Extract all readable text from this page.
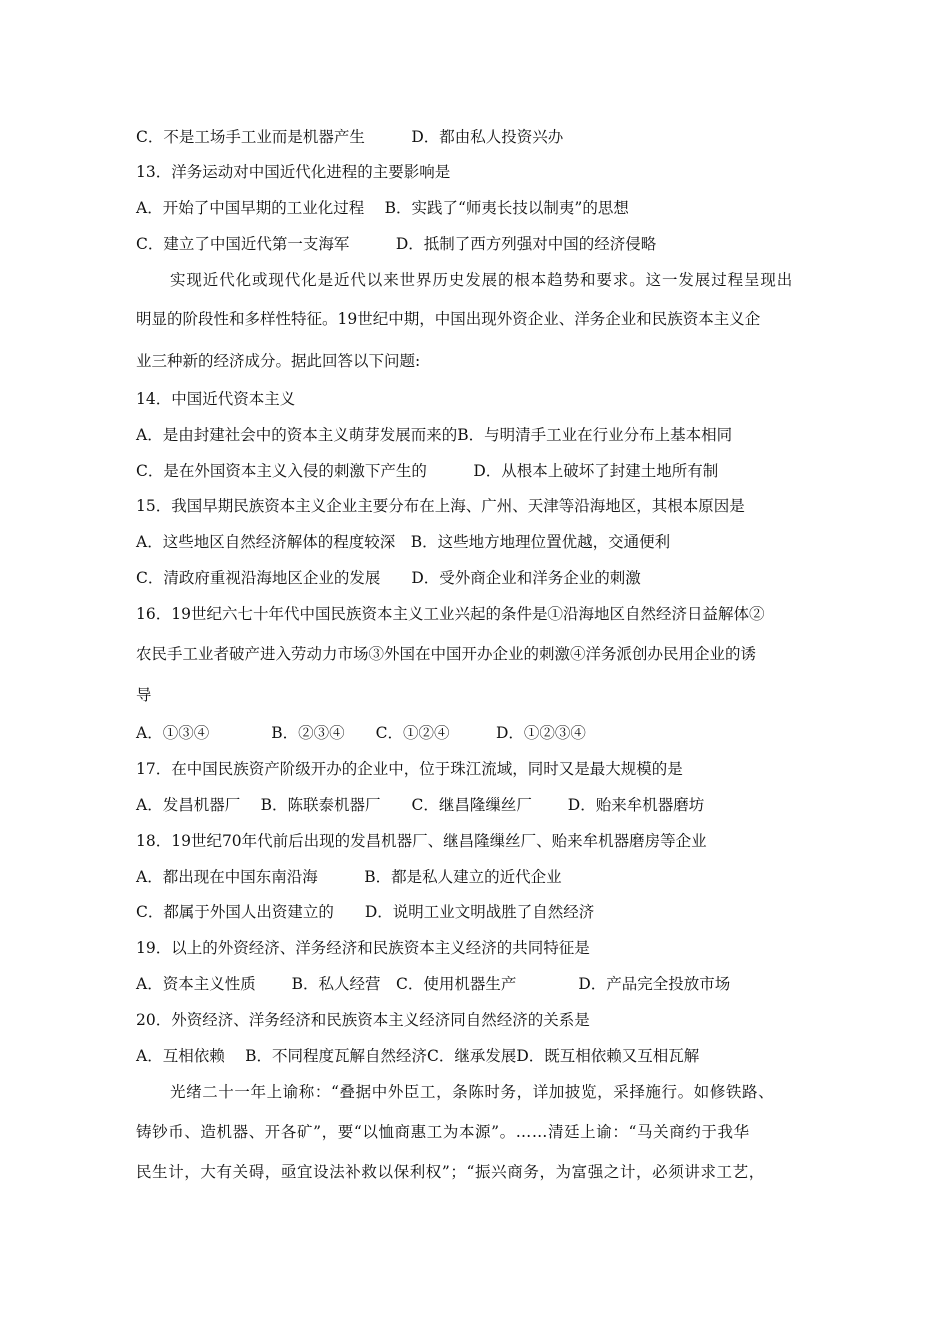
C．不是工场手工业而是机器产生　　　D．都由私人投资兴办
13．洋务运动对中国近代化进程的主要影响是
A．开始了中国早期的工业化过程　 B．实践了“师夷长技以制夷”的思想
C．建立了中国近代第一支海军　　　D．抵制了西方列强对中国的经济侵略
实现近代化或现代化是近代以来世界历史发展的根本趋势和要求。这一发展过程呈现出
明显的阶段性和多样性特征。19世纪中期，中国出现外资企业、洋务企业和民族资本主义企
业三种新的经济成分。据此回答以下问题:
14．中国近代资本主义
A．是由封建社会中的资本主义萌芽发展而来的B．与明清手工业在行业分布上基本相同
C．是在外国资本主义入侵的刺激下产生的　　　D．从根本上破坏了封建土地所有制
15．我国早期民族资本主义企业主要分布在上海、广州、天津等沿海地区，其根本原因是
A．这些地区自然经济解体的程度较深　B．这些地方地理位置优越，交通便利
C．清政府重视沿海地区企业的发展　　D．受外商企业和洋务企业的刺激
16．19世纪六七十年代中国民族资本主义工业兴起的条件是①沿海地区自然经济日益解体②
农民手工业者破产进入劳动力市场③外国在中国开办企业的刺激④洋务派创办民用企业的诱
导
A．①③④　　　　B．②③④　　C．①②④　　　D．①②③④
17．在中国民族资产阶级开办的企业中，位于珠江流域，同时又是最大规模的是
A．发昌机器厂　 B．陈联泰机器厂　　C．继昌隆缫丝厂　　 D．贻来牟机器磨坊
18．19世纪70年代前后出现的发昌机器厂、继昌隆缫丝厂、贻来牟机器磨房等企业
A．都出现在中国东南沿海　　　B．都是私人建立的近代企业
C．都属于外国人出资建立的　　D．说明工业文明战胜了自然经济
19．以上的外资经济、洋务经济和民族资本主义经济的共同特征是
A．资本主义性质　　 B．私人经营　C．使用机器生产　　　　D．产品完全投放市场
20．外资经济、洋务经济和民族资本主义经济同自然经济的关系是
A．互相依赖　 B．不同程度瓦解自然经济C．继承发展D．既互相依赖又互相瓦解
光绪二十一年上谕称：“叠据中外臣工，条陈时务，详加披览，采择施行。如修铁路、
铸钞币、造机器、开各矿”，要“以恤商惠工为本源”。……清廷上谕：“马关商约于我华
民生计，大有关碍，亟宜设法补救以保利权”；“振兴商务，为富强之计，必须讲求工艺，
